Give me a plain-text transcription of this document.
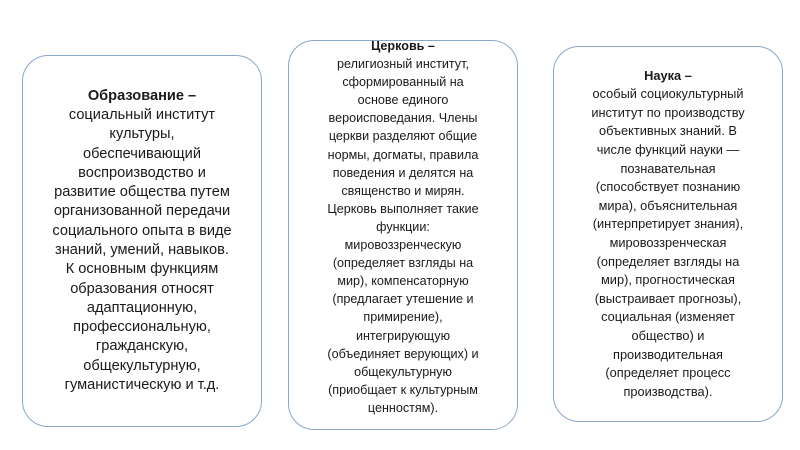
Образование –
социальный институт
культуры,
обеспечивающий
воспроизводство и
развитие общества путем
организованной передачи
социального опыта в виде
знаний, умений, навыков.
К основным функциям
образования относят
адаптационную,
профессиональную,
гражданскую,
общекультурную,
гуманистическую и т.д.
Церковь –
религиозный институт,
сформированный на
основе единого
вероисповедания. Члены
церкви разделяют общие
нормы, догматы, правила
поведения и делятся на
священство и мирян.
Церковь выполняет такие
функции:
мировоззренческую
(определяет взгляды на
мир), компенсаторную
(предлагает утешение и
примирение),
интегрирующую
(объединяет верующих) и
общекультурную
(приобщает к культурным
ценностям).
Наука –
особый социокультурный
институт по производству
объективных знаний. В
числе функций науки —
познавательная
(способствует познанию
мира), объяснительная
(интерпретирует знания),
мировоззренческая
(определяет взгляды на
мир), прогностическая
(выстраивает прогнозы),
социальная (изменяет
общество) и
производительная
(определяет процесс
производства).
